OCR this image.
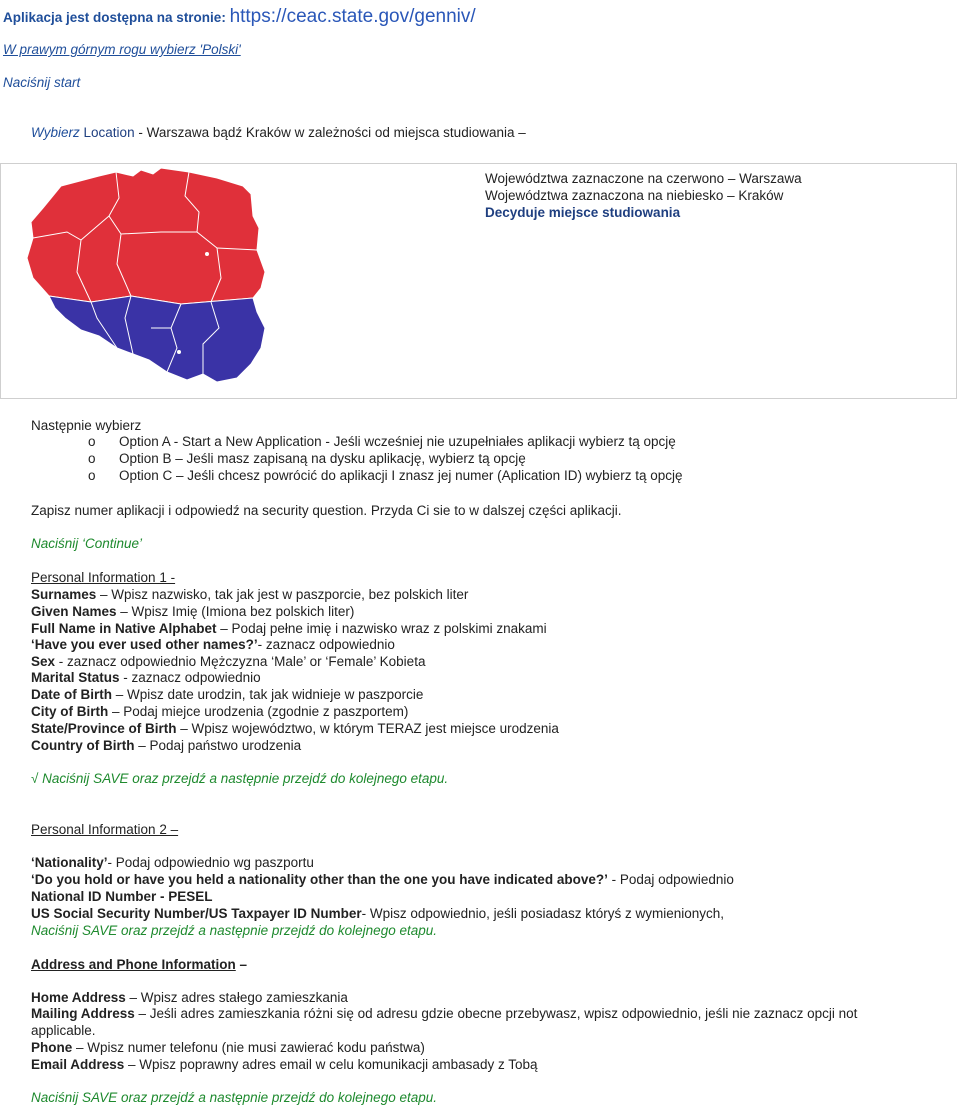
Aplikacja jest dostępna na stronie: https://ceac.state.gov/genniv/
W prawym górnym rogu wybierz 'Polski'
Naciśnij start
Wybierz Location - Warszawa bądź Kraków w zależności od miejsca studiowania –
Województwa zaznaczone na czerwono – Warszawa
Województwa zaznaczona na niebiesko – Kraków
Decyduje miejsce studiowania
Następnie wybierz
o Option A - Start a New Application - Jeśli wcześniej nie uzupełniałes aplikacji wybierz tą opcję
o Option B – Jeśli masz zapisaną na dysku aplikację, wybierz tą opcję
o Option C – Jeśli chcesz powrócić do aplikacji I znasz jej numer (Aplication ID) wybierz tą opcję
Zapisz numer aplikacji i odpowiedź na security question. Przyda Ci sie to w dalszej części aplikacji.
Naciśnij ‘Continue’
Personal Information 1 -
Surnames – Wpisz nazwisko, tak jak jest w paszporcie, bez polskich liter
Given Names – Wpisz Imię (Imiona bez polskich liter)
Full Name in Native Alphabet – Podaj pełne imię i nazwisko wraz z polskimi znakami
‘Have you ever used other names?’- zaznacz odpowiednio
Sex - zaznacz odpowiednio Mężczyzna ‘Male’ or ‘Female’ Kobieta
Marital Status - zaznacz odpowiednio
Date of Birth – Wpisz date urodzin, tak jak widnieje w paszporcie
City of Birth – Podaj miejce urodzenia (zgodnie z paszportem)
State/Province of Birth – Wpisz województwo, w którym TERAZ jest miejsce urodzenia
Country of Birth – Podaj państwo urodzenia
√ Naciśnij SAVE oraz przejdź a następnie przejdź do kolejnego etapu.
Personal Information 2 –
‘Nationality’- Podaj odpowiednio wg paszportu
‘Do you hold or have you held a nationality other than the one you have indicated above?’ - Podaj odpowiednio
National ID Number - PESEL
US Social Security Number/US Taxpayer ID Number- Wpisz odpowiednio, jeśli posiadasz któryś z wymienionych,
Naciśnij SAVE oraz przejdź a następnie przejdź do kolejnego etapu.
Address and Phone Information –
Home Address – Wpisz adres stałego zamieszkania
Mailing Address – Jeśli adres zamieszkania różni się od adresu gdzie obecne przebywasz, wpisz odpowiednio, jeśli nie zaznacz opcji not
applicable.
Phone – Wpisz numer telefonu (nie musi zawierać kodu państwa)
Email Address – Wpisz poprawny adres email w celu komunikacji ambasady z Tobą
Naciśnij SAVE oraz przejdź a następnie przejdź do kolejnego etapu.
